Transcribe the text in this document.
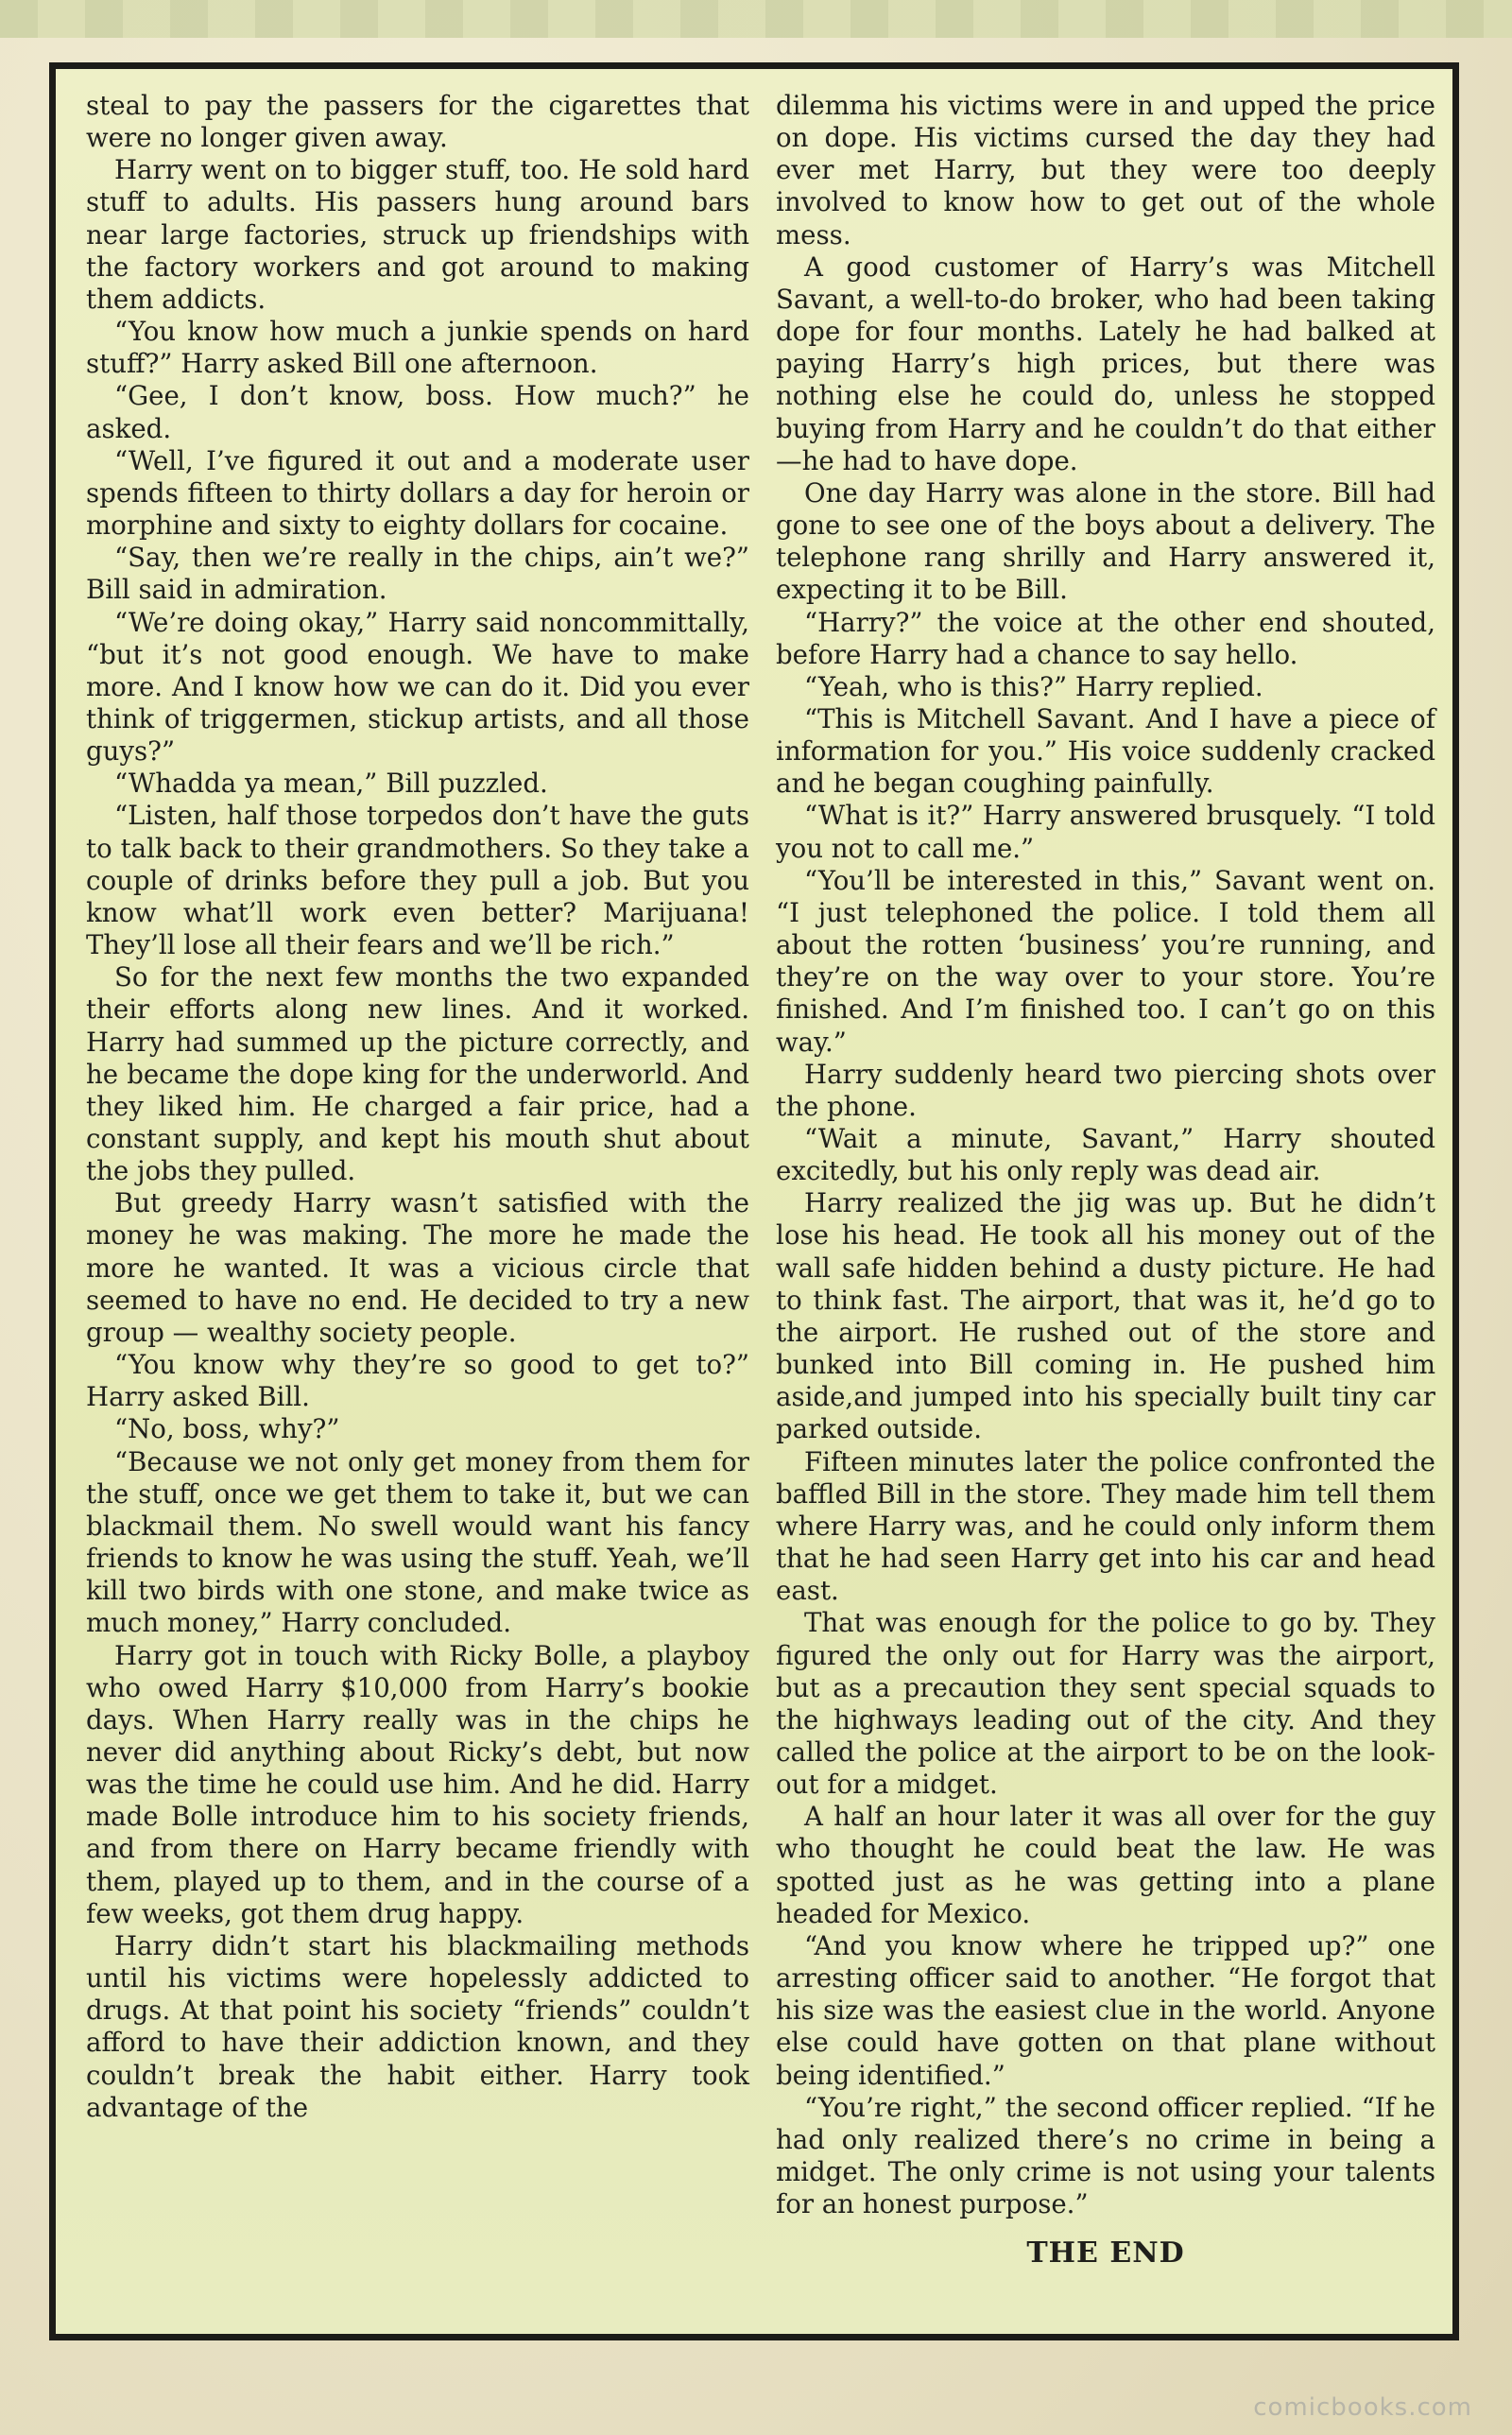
steal to pay the passers for the cigarettes that were no longer given away.

Harry went on to bigger stuff, too. He sold hard stuff to adults. His passers hung around bars near large factories, struck up friendships with the factory workers and got around to making them addicts.

“You know how much a junkie spends on hard stuff?” Harry asked Bill one afternoon.

“Gee, I don’t know, boss. How much?” he asked.

“Well, I’ve figured it out and a moderate user spends fifteen to thirty dollars a day for heroin or morphine and sixty to eighty dollars for cocaine.

“Say, then we’re really in the chips, ain’t we?” Bill said in admiration.

“We’re doing okay,” Harry said noncommittally, “but it’s not good enough. We have to make more. And I know how we can do it. Did you ever think of triggermen, stickup artists, and all those guys?”

“Whadda ya mean,” Bill puzzled.

“Listen, half those torpedos don’t have the guts to talk back to their grandmothers. So they take a couple of drinks before they pull a job. But you know what’ll work even better? Marijuana! They’ll lose all their fears and we’ll be rich.”

So for the next few months the two expanded their efforts along new lines. And it worked. Harry had summed up the picture correctly, and he became the dope king for the underworld. And they liked him. He charged a fair price, had a constant supply, and kept his mouth shut about the jobs they pulled.

But greedy Harry wasn’t satisfied with the money he was making. The more he made the more he wanted. It was a vicious circle that seemed to have no end. He decided to try a new group — wealthy society people.

“You know why they’re so good to get to?” Harry asked Bill.

“No, boss, why?”

“Because we not only get money from them for the stuff, once we get them to take it, but we can blackmail them. No swell would want his fancy friends to know he was using the stuff. Yeah, we’ll kill two birds with one stone, and make twice as much money,” Harry concluded.

Harry got in touch with Ricky Bolle, a playboy who owed Harry $10,000 from Harry’s bookie days. When Harry really was in the chips he never did anything about Ricky’s debt, but now was the time he could use him. And he did. Harry made Bolle introduce him to his society friends, and from there on Harry became friendly with them, played up to them, and in the course of a few weeks, got them drug happy.

Harry didn’t start his blackmailing methods until his victims were hopelessly addicted to drugs. At that point his society “friends” couldn’t afford to have their addiction known, and they couldn’t break the habit either. Harry took advantage of the

dilemma his victims were in and upped the price on dope. His victims cursed the day they had ever met Harry, but they were too deeply involved to know how to get out of the whole mess.

A good customer of Harry’s was Mitchell Savant, a well-to-do broker, who had been taking dope for four months. Lately he had balked at paying Harry’s high prices, but there was nothing else he could do, unless he stopped buying from Harry and he couldn’t do that either—he had to have dope.

One day Harry was alone in the store. Bill had gone to see one of the boys about a delivery. The telephone rang shrilly and Harry answered it, expecting it to be Bill.

“Harry?” the voice at the other end shouted, before Harry had a chance to say hello.

“Yeah, who is this?” Harry replied.

“This is Mitchell Savant. And I have a piece of information for you.” His voice suddenly cracked and he began coughing painfully.

“What is it?” Harry answered brusquely. “I told you not to call me.”

“You’ll be interested in this,” Savant went on. “I just telephoned the police. I told them all about the rotten ‘business’ you’re running, and they’re on the way over to your store. You’re finished. And I’m finished too. I can’t go on this way.”

Harry suddenly heard two piercing shots over the phone.

“Wait a minute, Savant,” Harry shouted excitedly, but his only reply was dead air.

Harry realized the jig was up. But he didn’t lose his head. He took all his money out of the wall safe hidden behind a dusty picture. He had to think fast. The airport, that was it, he’d go to the airport. He rushed out of the store and bunked into Bill coming in. He pushed him aside,and jumped into his specially built tiny car parked outside.

Fifteen minutes later the police confronted the baffled Bill in the store. They made him tell them where Harry was, and he could only inform them that he had seen Harry get into his car and head east.

That was enough for the police to go by. They figured the only out for Harry was the airport, but as a precaution they sent special squads to the highways leading out of the city. And they called the police at the airport to be on the look-out for a midget.

A half an hour later it was all over for the guy who thought he could beat the law. He was spotted just as he was getting into a plane headed for Mexico.

“And you know where he tripped up?” one arresting officer said to another. “He forgot that his size was the easiest clue in the world. Anyone else could have gotten on that plane without being identified.”

“You’re right,” the second officer replied. “If he had only realized there’s no crime in being a midget. The only crime is not using your talents for an honest purpose.”

THE END
comicbooks.com
